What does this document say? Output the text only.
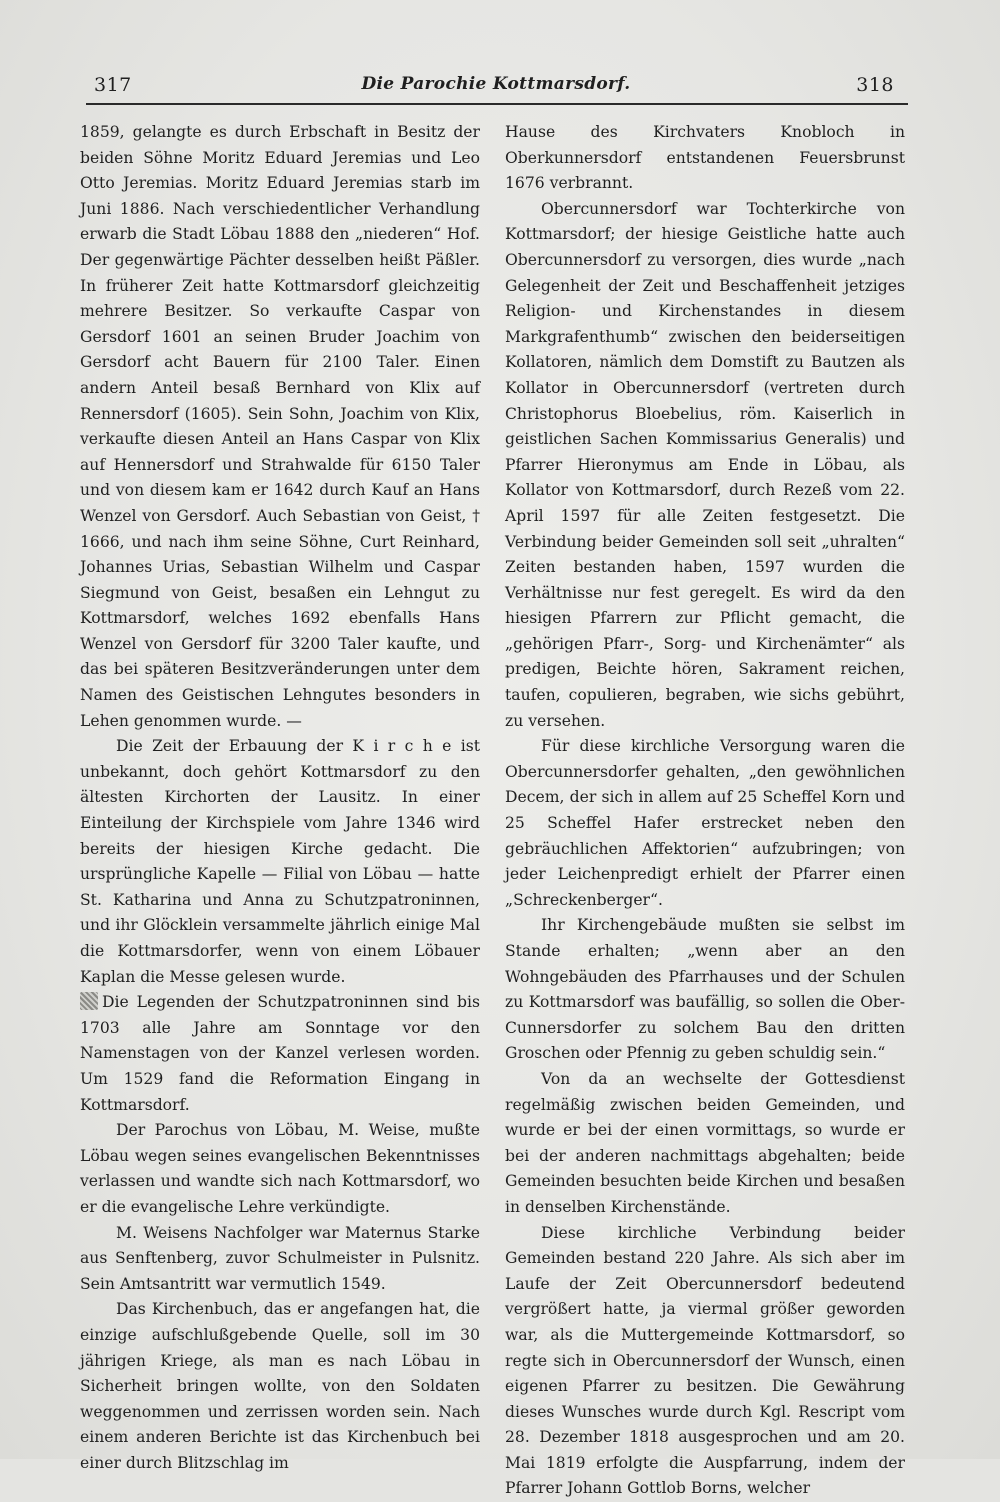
317	Die Parochie Kottmarsdorf.	318

1859, gelangte es durch Erbschaft in Besitz der beiden Söhne Moritz Eduard Jeremias und Leo Otto Jeremias. Moritz Eduard Jeremias starb im Juni 1886. Nach verschiedentlicher Verhandlung erwarb die Stadt Löbau 1888 den „niederen“ Hof. Der gegenwärtige Pächter desselben heißt Päßler. In früherer Zeit hatte Kottmarsdorf gleichzeitig mehrere Besitzer. So verkaufte Caspar von Gersdorf 1601 an seinen Bruder Joachim von Gersdorf acht Bauern für 2100 Taler. Einen andern Anteil besaß Bernhard von Klix auf Rennersdorf (1605). Sein Sohn, Joachim von Klix, verkaufte diesen Anteil an Hans Caspar von Klix auf Hennersdorf und Strahwalde für 6150 Taler und von diesem kam er 1642 durch Kauf an Hans Wenzel von Gersdorf. Auch Sebastian von Geist, † 1666, und nach ihm seine Söhne, Curt Reinhard, Johannes Urias, Sebastian Wilhelm und Caspar Siegmund von Geist, besaßen ein Lehngut zu Kottmarsdorf, welches 1692 ebenfalls Hans Wenzel von Gersdorf für 3200 Taler kaufte, und das bei späteren Besitzveränderungen unter dem Namen des Geistischen Lehngutes besonders in Lehen genommen wurde. —

Die Zeit der Erbauung der K i r c h e ist unbekannt, doch gehört Kottmarsdorf zu den ältesten Kirchorten der Lausitz. In einer Einteilung der Kirchspiele vom Jahre 1346 wird bereits der hiesigen Kirche gedacht. Die ursprüngliche Kapelle — Filial von Löbau — hatte St. Katharina und Anna zu Schutzpatroninnen, und ihr Glöcklein versammelte jährlich einige Mal die Kottmarsdorfer, wenn von einem Löbauer Kaplan die Messe gelesen wurde.

Die Legenden der Schutzpatroninnen sind bis 1703 alle Jahre am Sonntage vor den Namenstagen von der Kanzel verlesen worden. Um 1529 fand die Reformation Eingang in Kottmarsdorf.

Der Parochus von Löbau, M. Weise, mußte Löbau wegen seines evangelischen Bekenntnisses verlassen und wandte sich nach Kottmarsdorf, wo er die evangelische Lehre verkündigte.

M. Weisens Nachfolger war Maternus Starke aus Senftenberg, zuvor Schulmeister in Pulsnitz. Sein Amtsantritt war vermutlich 1549.

Das Kirchenbuch, das er angefangen hat, die einzige aufschlußgebende Quelle, soll im 30 jährigen Kriege, als man es nach Löbau in Sicherheit bringen wollte, von den Soldaten weggenommen und zerrissen worden sein. Nach einem anderen Berichte ist das Kirchenbuch bei einer durch Blitzschlag im

Hause des Kirchvaters Knobloch in Oberkunnersdorf entstandenen Feuersbrunst 1676 verbrannt.

Obercunnersdorf war Tochterkirche von Kottmarsdorf; der hiesige Geistliche hatte auch Obercunnersdorf zu versorgen, dies wurde „nach Gelegenheit der Zeit und Beschaffenheit jetziges Religion- und Kirchenstandes in diesem Markgrafenthumb“ zwischen den beiderseitigen Kollatoren, nämlich dem Domstift zu Bautzen als Kollator in Obercunnersdorf (vertreten durch Christophorus Bloebelius, röm. Kaiserlich in geistlichen Sachen Kommissarius Generalis) und Pfarrer Hieronymus am Ende in Löbau, als Kollator von Kottmarsdorf, durch Rezeß vom 22. April 1597 für alle Zeiten festgesetzt. Die Verbindung beider Gemeinden soll seit „uhralten“ Zeiten bestanden haben, 1597 wurden die Verhältnisse nur fest geregelt. Es wird da den hiesigen Pfarrern zur Pflicht gemacht, die „gehörigen Pfarr-, Sorg- und Kirchenämter“ als predigen, Beichte hören, Sakrament reichen, taufen, copulieren, begraben, wie sichs gebührt, zu versehen.

Für diese kirchliche Versorgung waren die Obercunnersdorfer gehalten, „den gewöhnlichen Decem, der sich in allem auf 25 Scheffel Korn und 25 Scheffel Hafer erstrecket neben den gebräuchlichen Affektorien“ aufzubringen; von jeder Leichenpredigt erhielt der Pfarrer einen „Schreckenberger“.

Ihr Kirchengebäude mußten sie selbst im Stande erhalten; „wenn aber an den Wohngebäuden des Pfarrhauses und der Schulen zu Kottmarsdorf was baufällig, so sollen die Ober-Cunnersdorfer zu solchem Bau den dritten Groschen oder Pfennig zu geben schuldig sein.“

Von da an wechselte der Gottesdienst regelmäßig zwischen beiden Gemeinden, und wurde er bei der einen vormittags, so wurde er bei der anderen nachmittags abgehalten; beide Gemeinden besuchten beide Kirchen und besaßen in denselben Kirchenstände.

Diese kirchliche Verbindung beider Gemeinden bestand 220 Jahre. Als sich aber im Laufe der Zeit Obercunnersdorf bedeutend vergrößert hatte, ja viermal größer geworden war, als die Muttergemeinde Kottmarsdorf, so regte sich in Obercunnersdorf der Wunsch, einen eigenen Pfarrer zu besitzen. Die Gewährung dieses Wunsches wurde durch Kgl. Rescript vom 28. Dezember 1818 ausgesprochen und am 20. Mai 1819 erfolgte die Auspfarrung, indem der Pfarrer Johann Gottlob Borns, welcher
